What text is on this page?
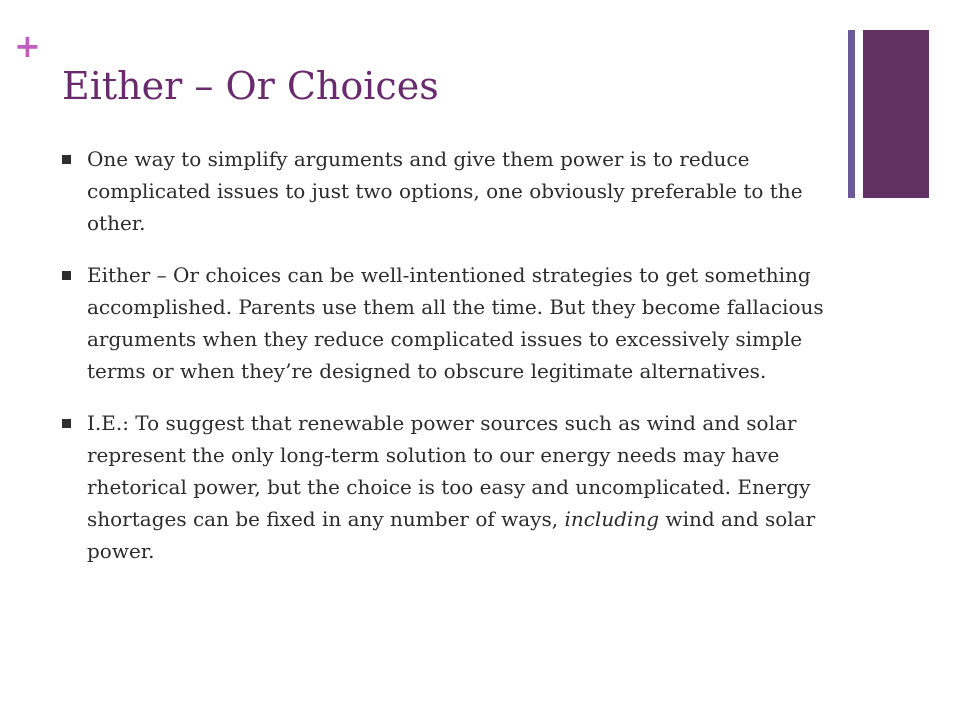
+
Either – Or Choices
One way to simplify arguments and give them power is to reduce complicated issues to just two options, one obviously preferable to the other.
Either – Or choices can be well-intentioned strategies to get something accomplished. Parents use them all the time. But they become fallacious arguments when they reduce complicated issues to excessively simple terms or when they’re designed to obscure legitimate alternatives.
I.E.: To suggest that renewable power sources such as wind and solar represent the only long-term solution to our energy needs may have rhetorical power, but the choice is too easy and uncomplicated. Energy shortages can be fixed in any number of ways, including wind and solar power.
